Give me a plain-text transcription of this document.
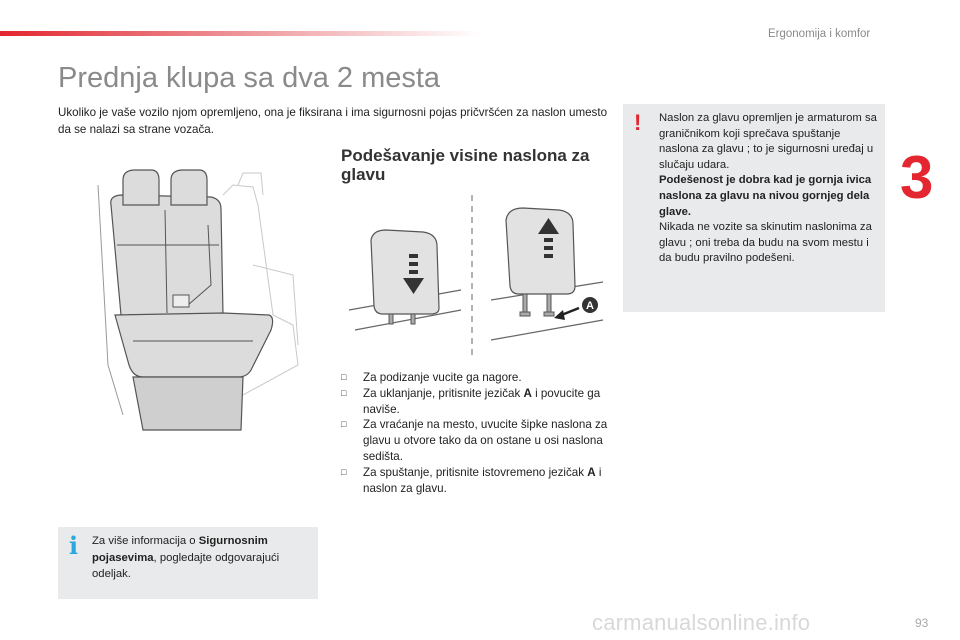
Ergonomija i komfor
3
Prednja klupa sa dva 2 mesta

Ukoliko je vaše vozilo njom opremljeno, ona je fiksirana i ima sigurnosni pojas pričvršćen za naslon umesto da se nalazi sa strane vozača.

A
Podešavanje visine naslona za glavu
□ Za podizanje vucite ga nagore.
□ Za uklanjanje, pritisnite jezičak A i povucite ga naviše.
□ Za vraćanje na mesto, uvucite šipke naslona za glavu u otvore tako da on ostane u osi naslona sedišta.
□ Za spuštanje, pritisnite istovremeno jezičak A i naslon za glavu.
! Naslon za glavu opremljen je armaturom sa graničnikom koji sprečava spuštanje naslona za glavu ; to je sigurnosni uređaj u slučaju udara.
Podešenost je dobra kad je gornja ivica naslona za glavu na nivou gornjeg dela glave.
Nikada ne vozite sa skinutim naslonima za glavu ; oni treba da budu na svom mestu i da budu pravilno podešeni.
i Za više informacija o Sigurnosnim pojasevima, pogledajte odgovarajući odeljak.
carmanualsonline.info	93
